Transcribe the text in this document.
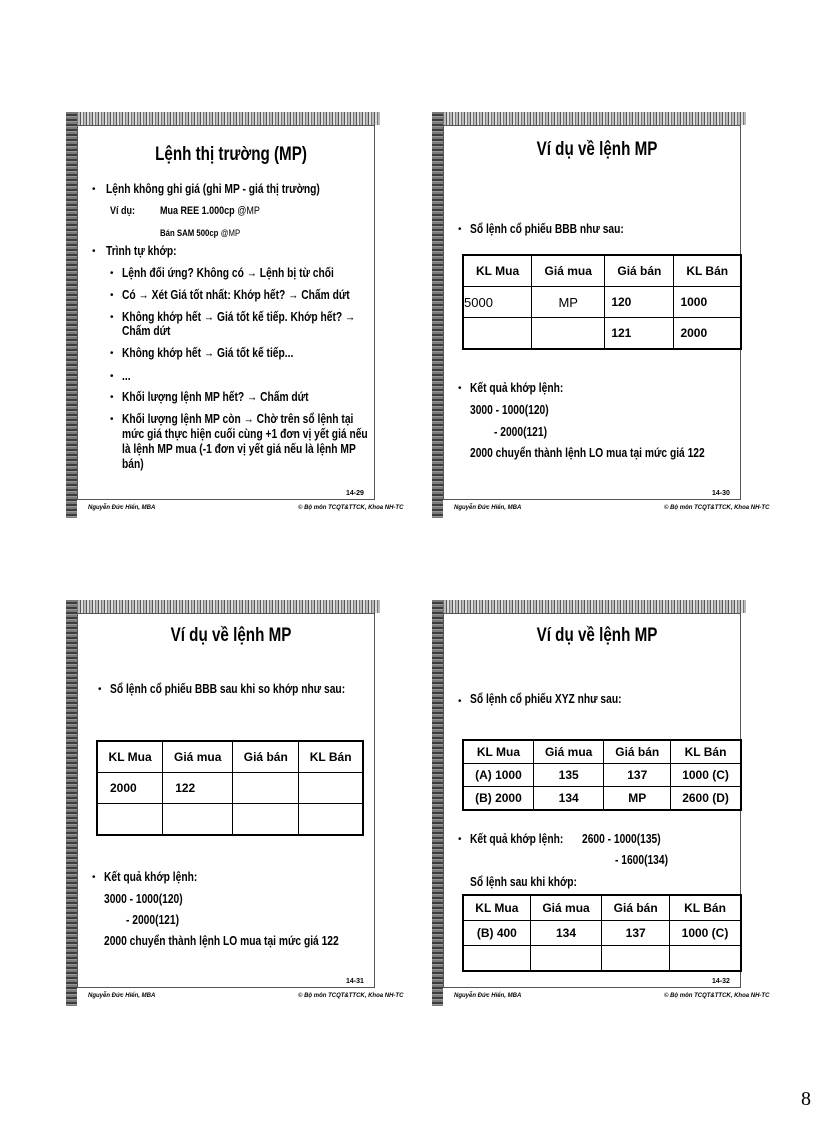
Lệnh thị trường (MP)
• Lệnh không ghi giá (ghi MP - giá thị trường)
Ví dụ: Mua REE 1.000cp @MP
Bán SAM 500cp @MP
• Trình tự khớp:
• Lệnh đối ứng? Không có → Lệnh bị từ chối
• Có → Xét Giá tốt nhất: Khớp hết? → Chấm dứt
• Không khớp hết → Giá tốt kế tiếp. Khớp hết? →
Chấm dứt
• Không khớp hết → Giá tốt kế tiếp...
• ...
• Khối lượng lệnh MP hết? → Chấm dứt
• Khối lượng lệnh MP còn → Chờ trên sổ lệnh tại
mức giá thực hiện cuối cùng +1 đơn vị yết giá nếu
là lệnh MP mua (-1 đơn vị yết giá nếu là lệnh MP
bán)
14-29
Nguyễn Đức Hiển, MBA	© Bộ môn TCQT&TTCK, Khoa NH-TC
Ví dụ về lệnh MP
• Sổ lệnh cổ phiếu BBB như sau:
KL Mua	Giá mua	Giá bán	KL Bán
5000	MP	120	1000
		121	2000
• Kết quả khớp lệnh:
3000 - 1000(120)
- 2000(121)
2000 chuyển thành lệnh LO mua tại mức giá 122
14-30
Nguyễn Đức Hiển, MBA	© Bộ môn TCQT&TTCK, Khoa NH-TC
Ví dụ về lệnh MP
• Sổ lệnh cổ phiếu BBB sau khi so khớp như sau:
KL Mua	Giá mua	Giá bán	KL Bán
2000	122		

• Kết quả khớp lệnh:
3000 - 1000(120)
- 2000(121)
2000 chuyển thành lệnh LO mua tại mức giá 122
14-31
Nguyễn Đức Hiển, MBA	© Bộ môn TCQT&TTCK, Khoa NH-TC
Ví dụ về lệnh MP
• Sổ lệnh cổ phiếu XYZ như sau:
KL Mua	Giá mua	Giá bán	KL Bán
(A) 1000	135	137	1000 (C)
(B) 2000	134	MP	2600 (D)
• Kết quả khớp lệnh: 2600 - 1000(135)
- 1600(134)
Sổ lệnh sau khi khớp:
KL Mua	Giá mua	Giá bán	KL Bán
(B) 400	134	137	1000 (C)

14-32
Nguyễn Đức Hiển, MBA	© Bộ môn TCQT&TTCK, Khoa NH-TC
8
